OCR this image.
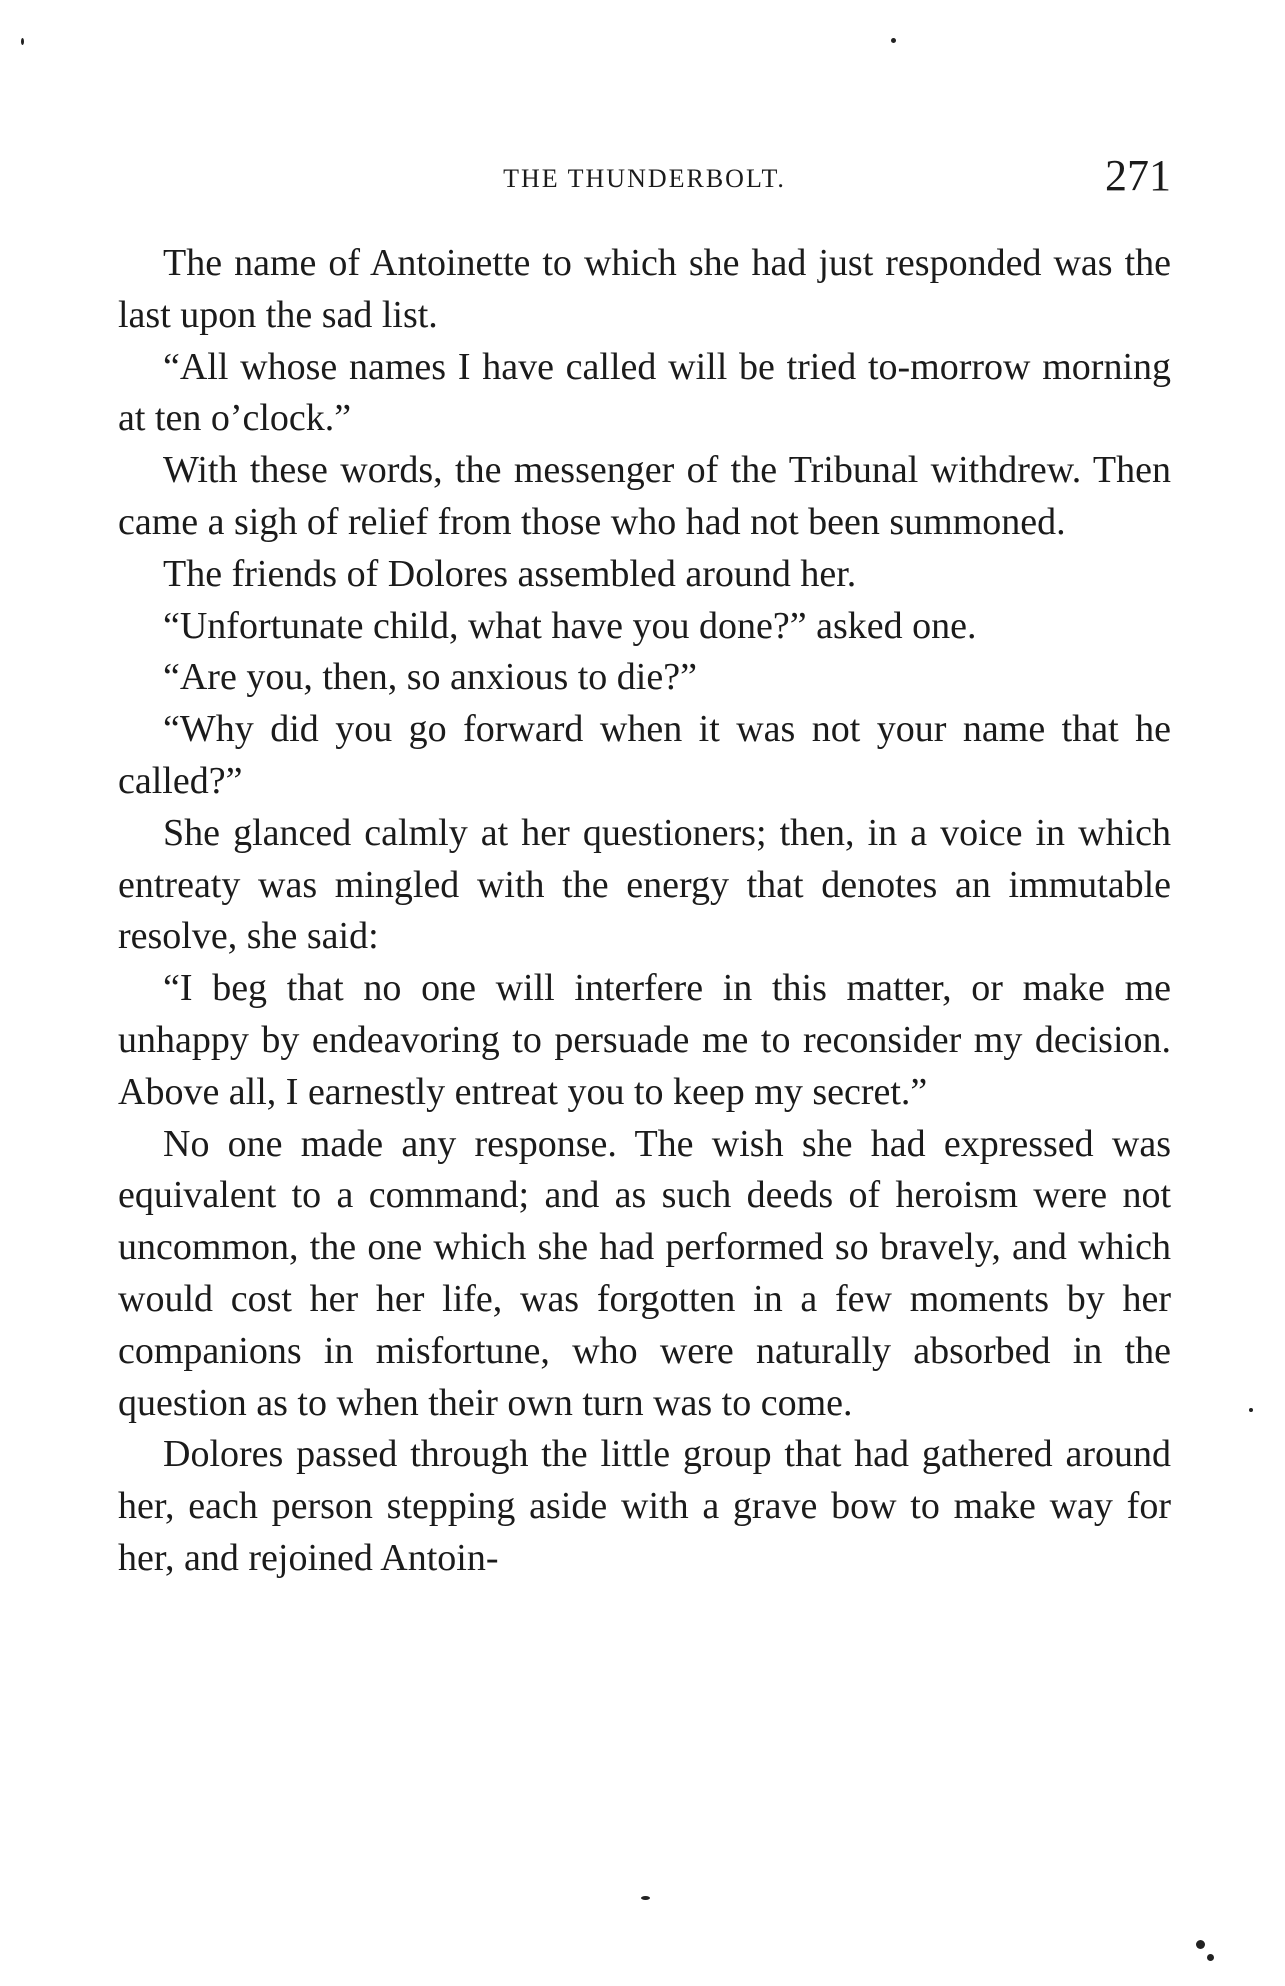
THE THUNDERBOLT.	271

The name of Antoinette to which she had just responded was the last upon the sad list.

“All whose names I have called will be tried to-morrow morning at ten o’clock.”

With these words, the messenger of the Tribunal withdrew. Then came a sigh of relief from those who had not been summoned.

The friends of Dolores assembled around her.

“Unfortunate child, what have you done?” asked one.

“Are you, then, so anxious to die?”

“Why did you go forward when it was not your name that he called?”

She glanced calmly at her questioners; then, in a voice in which entreaty was mingled with the energy that denotes an immutable resolve, she said:

“I beg that no one will interfere in this matter, or make me unhappy by endeavoring to persuade me to reconsider my decision. Above all, I earnestly entreat you to keep my secret.”

No one made any response. The wish she had expressed was equivalent to a command; and as such deeds of heroism were not uncommon, the one which she had performed so bravely, and which would cost her her life, was forgotten in a few moments by her companions in misfortune, who were naturally absorbed in the question as to when their own turn was to come.

Dolores passed through the little group that had gathered around her, each person stepping aside with a grave bow to make way for her, and rejoined Antoin-
